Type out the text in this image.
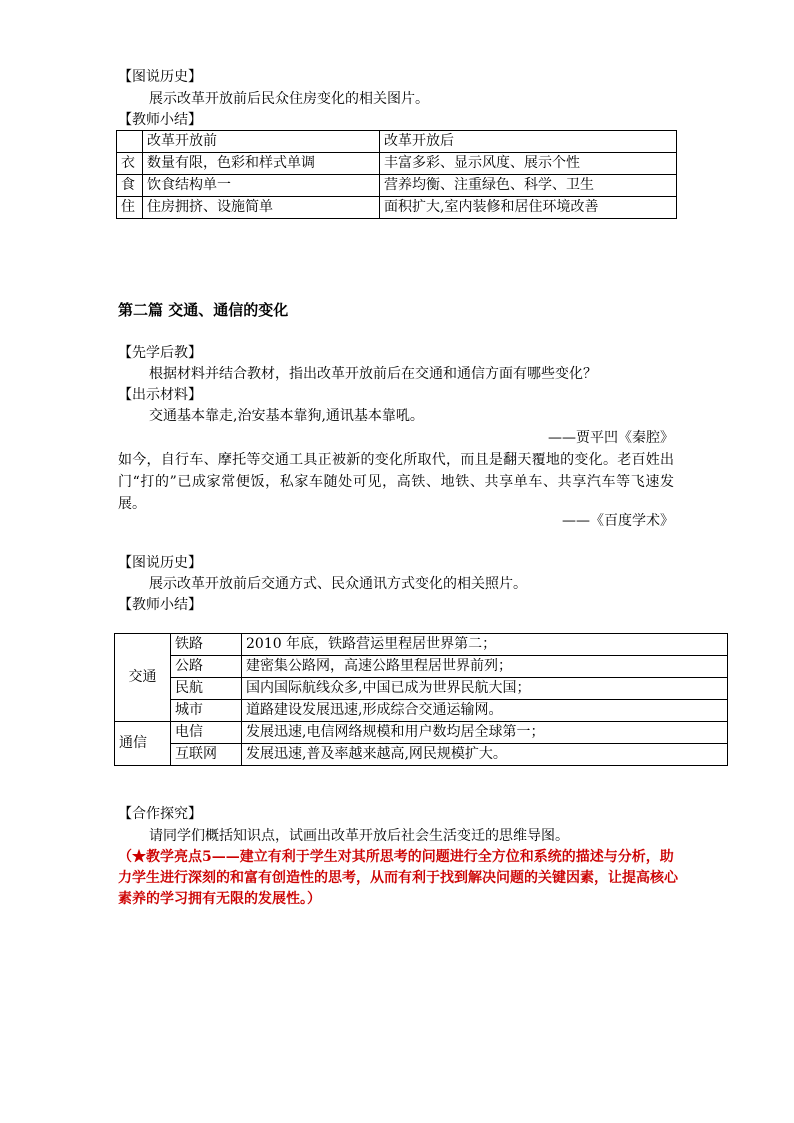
【图说历史】
展示改革开放前后民众住房变化的相关图片。
【教师小结】
	改革开放前	改革开放后
衣	数量有限，色彩和样式单调	丰富多彩、显示风度、展示个性
食	饮食结构单一	营养均衡、注重绿色、科学、卫生
住	住房拥挤、设施简单	面积扩大,室内装修和居住环境改善
第二篇 交通、通信的变化
【先学后教】
根据材料并结合教材，指出改革开放前后在交通和通信方面有哪些变化？
【出示材料】
交通基本靠走,治安基本靠狗,通讯基本靠吼。
——贾平凹《秦腔》
如今，自行车、摩托等交通工具正被新的变化所取代，而且是翻天覆地的变化。老百姓出门“打的”已成家常便饭，私家车随处可见，高铁、地铁、共享单车、共享汽车等飞速发展。
——《百度学术》
【图说历史】
展示改革开放前后交通方式、民众通讯方式变化的相关照片。
【教师小结】
交通	铁路	2010 年底，铁路营运里程居世界第二；
	公路	建密集公路网，高速公路里程居世界前列；
	民航	国内国际航线众多,中国已成为世界民航大国；
	城市	道路建设发展迅速,形成综合交通运输网。
通信	电信	发展迅速,电信网络规模和用户数均居全球第一；
	互联网	发展迅速,普及率越来越高,网民规模扩大。
【合作探究】
请同学们概括知识点，试画出改革开放后社会生活变迁的思维导图。
（★教学亮点5——建立有利于学生对其所思考的问题进行全方位和系统的描述与分析，助力学生进行深刻的和富有创造性的思考，从而有利于找到解决问题的关键因素，让提高核心素养的学习拥有无限的发展性。）
